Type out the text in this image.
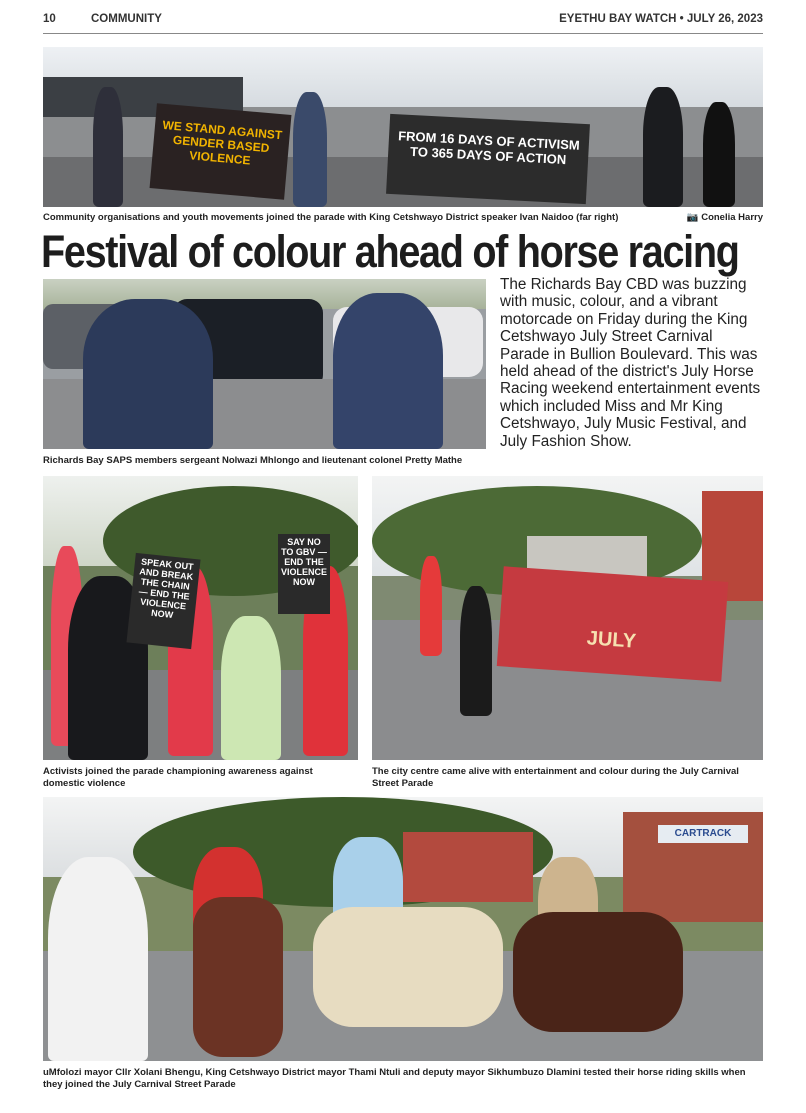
10	COMMUNITY	EYETHU BAY WATCH • JULY 26, 2023
WE STAND AGAINST GENDER BASED VIOLENCE
FROM 16 DAYS OF ACTIVISM TO 365 DAYS OF ACTION
Community organisations and youth movements joined the parade with King Cetshwayo District speaker Ivan Naidoo (far right)	📷 Conelia Harry
Festival of colour ahead of horse racing
Richards Bay SAPS members sergeant Nolwazi Mhlongo and lieutenant colonel Pretty Mathe
The Richards Bay CBD was buzzing with music, colour, and a vibrant motorcade on Friday during the King Cetshwayo July Street Carnival Parade in Bullion Boulevard. This was held ahead of the district's July Horse Racing weekend entertainment events which included Miss and Mr King Cetshwayo, July Music Festival, and July Fashion Show.
SPEAK OUT AND BREAK THE CHAIN — END THE VIOLENCE NOW
SAY NO TO GBV — END THE VIOLENCE NOW
Activists joined the parade championing awareness against domestic violence
JULY
The city centre came alive with entertainment and colour during the July Carnival Street Parade
CARTRACK
uMfolozi mayor Cllr Xolani Bhengu, King Cetshwayo District mayor Thami Ntuli and deputy mayor Sikhumbuzo Dlamini tested their horse riding skills when they joined the July Carnival Street Parade
